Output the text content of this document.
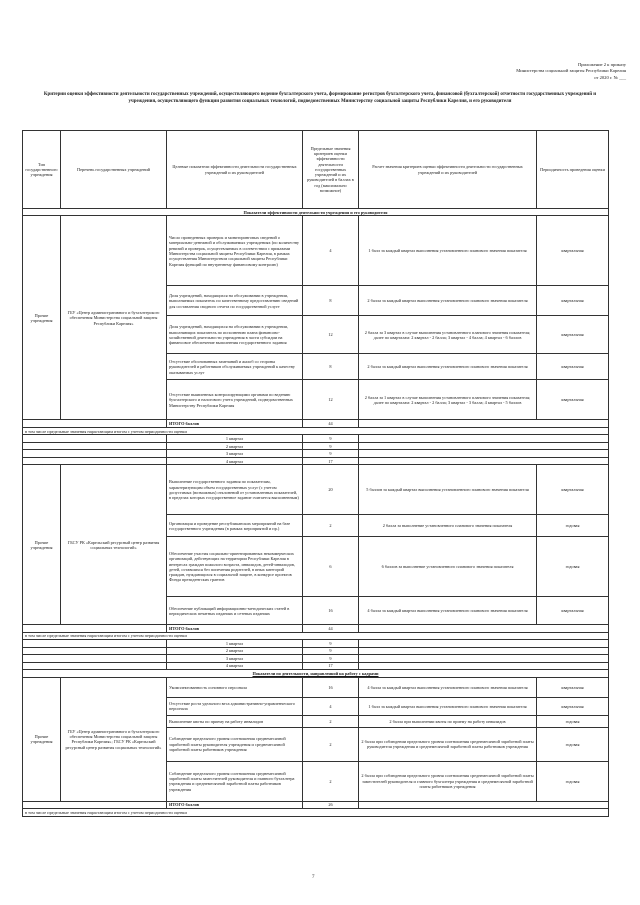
Приложение 2 к приказу
Министерства социальной защиты Республики Карелия
от 2020 г. № ___
Критерии оценки эффективности деятельности государственных учреждений, осуществляющего ведение бухгалтерского учета, формирование регистров бухгалтерского учета, финансовой (бухгалтерской) отчетности государственных учреждений и учреждения, осуществляющего функции развития социальных технологий, подведомственных Министерству социальной защиты Республики Карелия, и его руководителя
Тип государственного учреждения	Перечень государственных учреждений	Целевые показатели эффективности деятельности государственных учреждений и их руководителей	Предельные значения критериев оценки эффективности деятельности государственных учреждений и их руководителей в баллах в год (максимально возможное)	Расчет значения критериев оценки эффективности деятельности государственных учреждений и их руководителей	Периодичность проведения оценки
Показатели эффективности деятельности учреждения и его руководителя					
Прочие учреждения	ГБУ «Центр административного и бухгалтерского обеспечения Министерства социальной защиты Республики Карелия»	Число проведенных проверок и мониторинговых сведений о материально-денежной и обслуживаемых учреждениях (по количеству ревизий и проверок, осуществляемых в соответствии с приказами Министерства социальной защиты Республики Карелия, в рамках осуществления Министерством социальной защиты Республики Карелия функций по внутреннему финансовому контролю)	4	1 балл за каждый квартал выполнения установленного планового значения показателя	квартальная
		Доля учреждений, находящихся на обслуживании в учреждении, выполняемых показатель по качественному предоставлению сведений для составления сводного отчета по государственной услуге	8	2 балла за каждый квартал выполнения установленного планового значения показателя	квартальная
		Доля учреждений, находящихся на обслуживании в учреждении, выполняющих показатель по исполнению плана финансово-хозяйственной деятельности учреждения в части субсидии на финансовое обеспечение выполнения государственного задания	12	2 балла за 3 квартал в случае выполнения установленного планового значения показателя; далее по кварталам: 2 квартал - 2 балла; 3 квартал - 4 балла; 4 квартал - 6 баллов	квартальная
		Отсутствие обоснованных замечаний и жалоб со стороны руководителей и работников обслуживаемых учреждений к качеству оказываемых услуг	8	2 балла за каждый квартал выполнения установленного планового значения показателя	квартальная
		Отсутствие выявленных контролирующими органами по ведению бухгалтерского и налогового учета учреждений, подведомственных Министерству Республики Карелия	12	2 балла за 1 квартал в случае выполнения установленного планового значения показателя; далее по кварталам: 2 квартал - 2 балла; 3 квартал - 3 балла; 4 квартал - 5 баллов	квартальная
		ИТОГО баллов	44		
в том числе предельные значения нарастающим итогом с учетом периодичности оценки					
		1 квартал	9		
		2 квартал	9		
		3 квартал	9		
		4 квартал	17		
Прочие учреждения	ГБСУ РК «Карельский ресурсный центр развития социальных технологий»	Выполнение государственного задания по показателям, характеризующим объем государственных услуг (с учетом допустимых (возможных) отклонений от установленных показателей, в пределах которых государственное задание считается выполненным)	20	5 баллов за каждый квартал выполнения установленного планового значения показателя	квартальная
		Организация и проведение республиканских мероприятий на базе государственного учреждения (в рамках мероприятий и пр.)	2	2 балла за выполнение установленного планового значения показателя	годовая
		Обеспечение участия социально-ориентированных некоммерческих организаций, действующих на территории Республики Карелия в интересах граждан пожилого возраста, инвалидов, детей-инвалидов, детей, оставшихся без попечения родителей, в иных категорий граждан, нуждающихся в социальной защите, в конкурсе проектов Фонда президентских грантов	6	6 баллов за выполнение установленного планового значения показателя	годовая
		Обеспечение публикаций информационно-методических статей в периодических печатных изданиях и сетевых изданиях	16	4 балла за каждый квартал выполнения установленного планового значения показателя	квартальная
		ИТОГО баллов	44		
в том числе предельные значения нарастающим итогом с учетом периодичности оценки					
		1 квартал	9		
		2 квартал	9		
		3 квартал	9		
		4 квартал	17		
Показатели по деятельности, направленной на работу с кадрами					
Прочие учреждения	ГБУ «Центр административного и бухгалтерского обеспечения Министерства социальной защиты Республики Карелия»; ГБСУ РК «Карельский ресурсный центр развития социальных технологий»	Укомплектованность основного персонала	16	4 балла за каждый квартал выполнения установленного планового значения показателя	квартальная
		Отсутствие роста удельного веса административно-управленческого персонала	4	1 балл за каждый квартал выполнения установленного планового значения показателя	квартальная
		Выполнение квоты по приему на работу инвалидов	2	2 балла при выполнении квоты по приему на работу инвалидов	годовая
		Соблюдение предельного уровня соотношения среднемесячной заработной платы руководителя учреждения и среднемесячной заработной платы работников учреждения	2	2 балла при соблюдении предельного уровня соотношения среднемесячной заработной платы руководителя учреждения и среднемесячной заработной платы работников учреждения	годовая
		Соблюдение предельного уровня соотношения среднемесячной заработной платы заместителей руководителя и главного бухгалтера учреждения и среднемесячной заработной платы работников учреждения	2	2 балла при соблюдении предельного уровня соотношения среднемесячной заработной платы заместителей руководителя и главного бухгалтера учреждения и среднемесячной заработной платы работников учреждения	годовая
		ИТОГО баллов	26		
в том числе предельные значения нарастающим итогом с учетом периодичности оценки					
7
